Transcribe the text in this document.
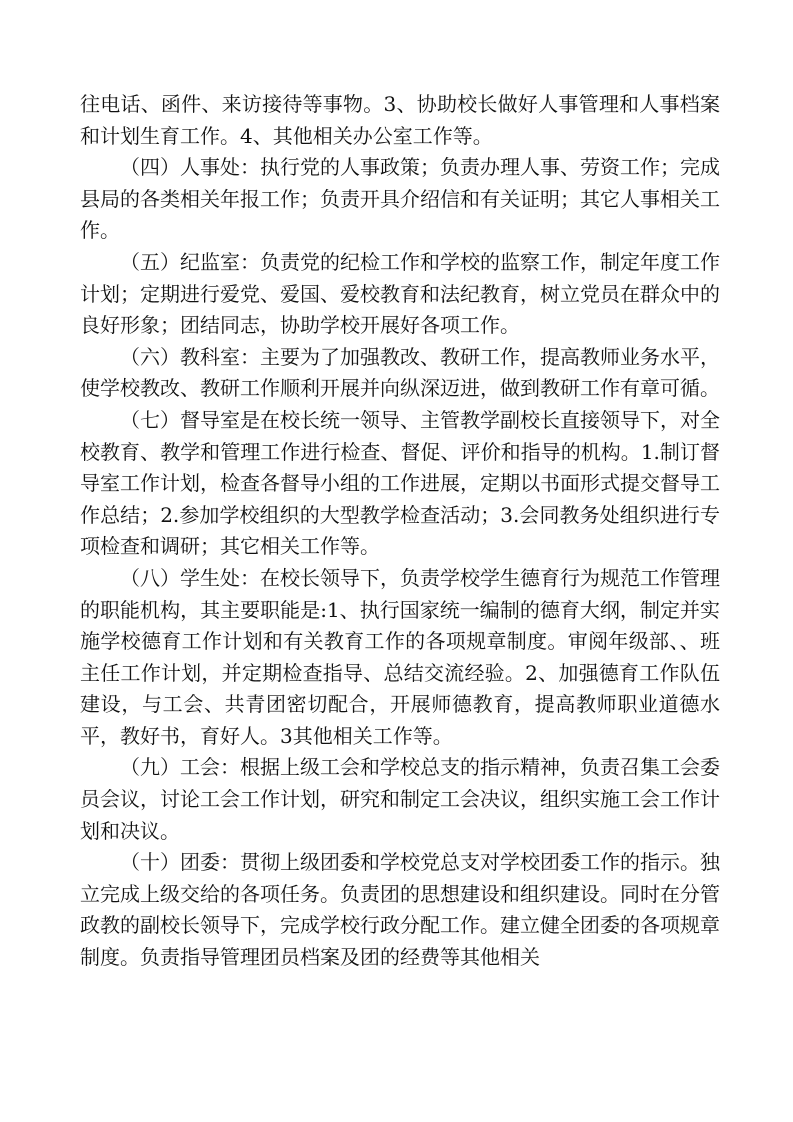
往电话、函件、来访接待等事物。3、协助校长做好人事管理和人事档案和计划生育工作。4、其他相关办公室工作等。

（四）人事处：执行党的人事政策；负责办理人事、劳资工作；完成县局的各类相关年报工作；负责开具介绍信和有关证明；其它人事相关工作。

（五）纪监室：负责党的纪检工作和学校的监察工作，制定年度工作计划；定期进行爱党、爱国、爱校教育和法纪教育，树立党员在群众中的良好形象；团结同志，协助学校开展好各项工作。

（六）教科室：主要为了加强教改、教研工作，提高教师业务水平，使学校教改、教研工作顺利开展并向纵深迈进，做到教研工作有章可循。

（七）督导室是在校长统一领导、主管教学副校长直接领导下，对全校教育、教学和管理工作进行检查、督促、评价和指导的机构。1.制订督导室工作计划，检查各督导小组的工作进展，定期以书面形式提交督导工作总结；2.参加学校组织的大型教学检查活动；3.会同教务处组织进行专项检查和调研；其它相关工作等。

（八）学生处：在校长领导下，负责学校学生德育行为规范工作管理的职能机构，其主要职能是:1、执行国家统一编制的德育大纲，制定并实施学校德育工作计划和有关教育工作的各项规章制度。审阅年级部、、班主任工作计划，并定期检查指导、总结交流经验。2、加强德育工作队伍建设，与工会、共青团密切配合，开展师德教育，提高教师职业道德水平，教好书，育好人。3其他相关工作等。

（九）工会：根据上级工会和学校总支的指示精神，负责召集工会委员会议，讨论工会工作计划，研究和制定工会决议，组织实施工会工作计划和决议。

（十）团委：贯彻上级团委和学校党总支对学校团委工作的指示。独立完成上级交给的各项任务。负责团的思想建设和组织建设。同时在分管政教的副校长领导下，完成学校行政分配工作。建立健全团委的各项规章制度。负责指导管理团员档案及团的经费等其他相关
